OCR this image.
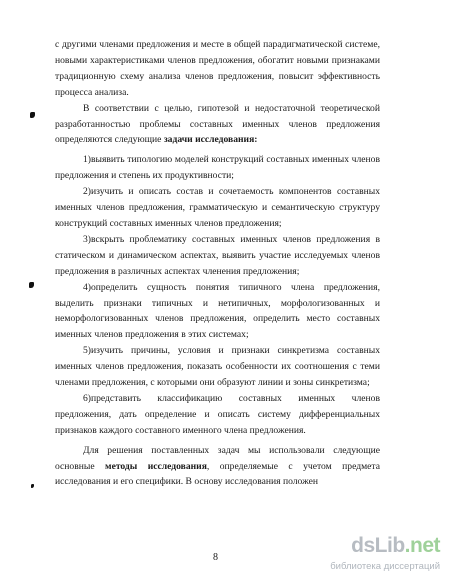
с другими членами предложения и месте в общей парадигматической системе, новыми характеристиками членов предложения, обогатит новыми признаками традиционную схему анализа членов предложения, повысит эффективность процесса анализа.

В соответствии с целью, гипотезой и недостаточной теоретической разработанностью проблемы составных именных членов предложения определяются следующие задачи исследования:

1)выявить типологию моделей конструкций составных именных членов предложения и степень их продуктивности;

2)изучить и описать состав и сочетаемость компонентов составных именных членов предложения, грамматическую и семантическую структуру конструкций составных именных членов предложения;

3)вскрыть проблематику составных именных членов предложения в статическом и динамическом аспектах, выявить участие исследуемых членов предложения в различных аспектах членения предложения;

4)определить сущность понятия типичного члена предложения, выделить признаки типичных и нетипичных, морфологизованных и неморфологизованных членов предложения, определить место составных именных членов предложения в этих системах;

5)изучить причины, условия и признаки синкретизма составных именных членов предложения, показать особенности их соотношения с теми членами предложения, с которыми они образуют линии и зоны синкретизма;

6)представить классификацию составных именных членов предложения, дать определение и описать систему дифференциальных признаков каждого составного именного члена предложения.

Для решения поставленных задач мы использовали следующие основные методы исследования, определяемые с учетом предмета исследования и его специфики. В основу исследования положен

8
dsLib.net
библиотека диссертаций
